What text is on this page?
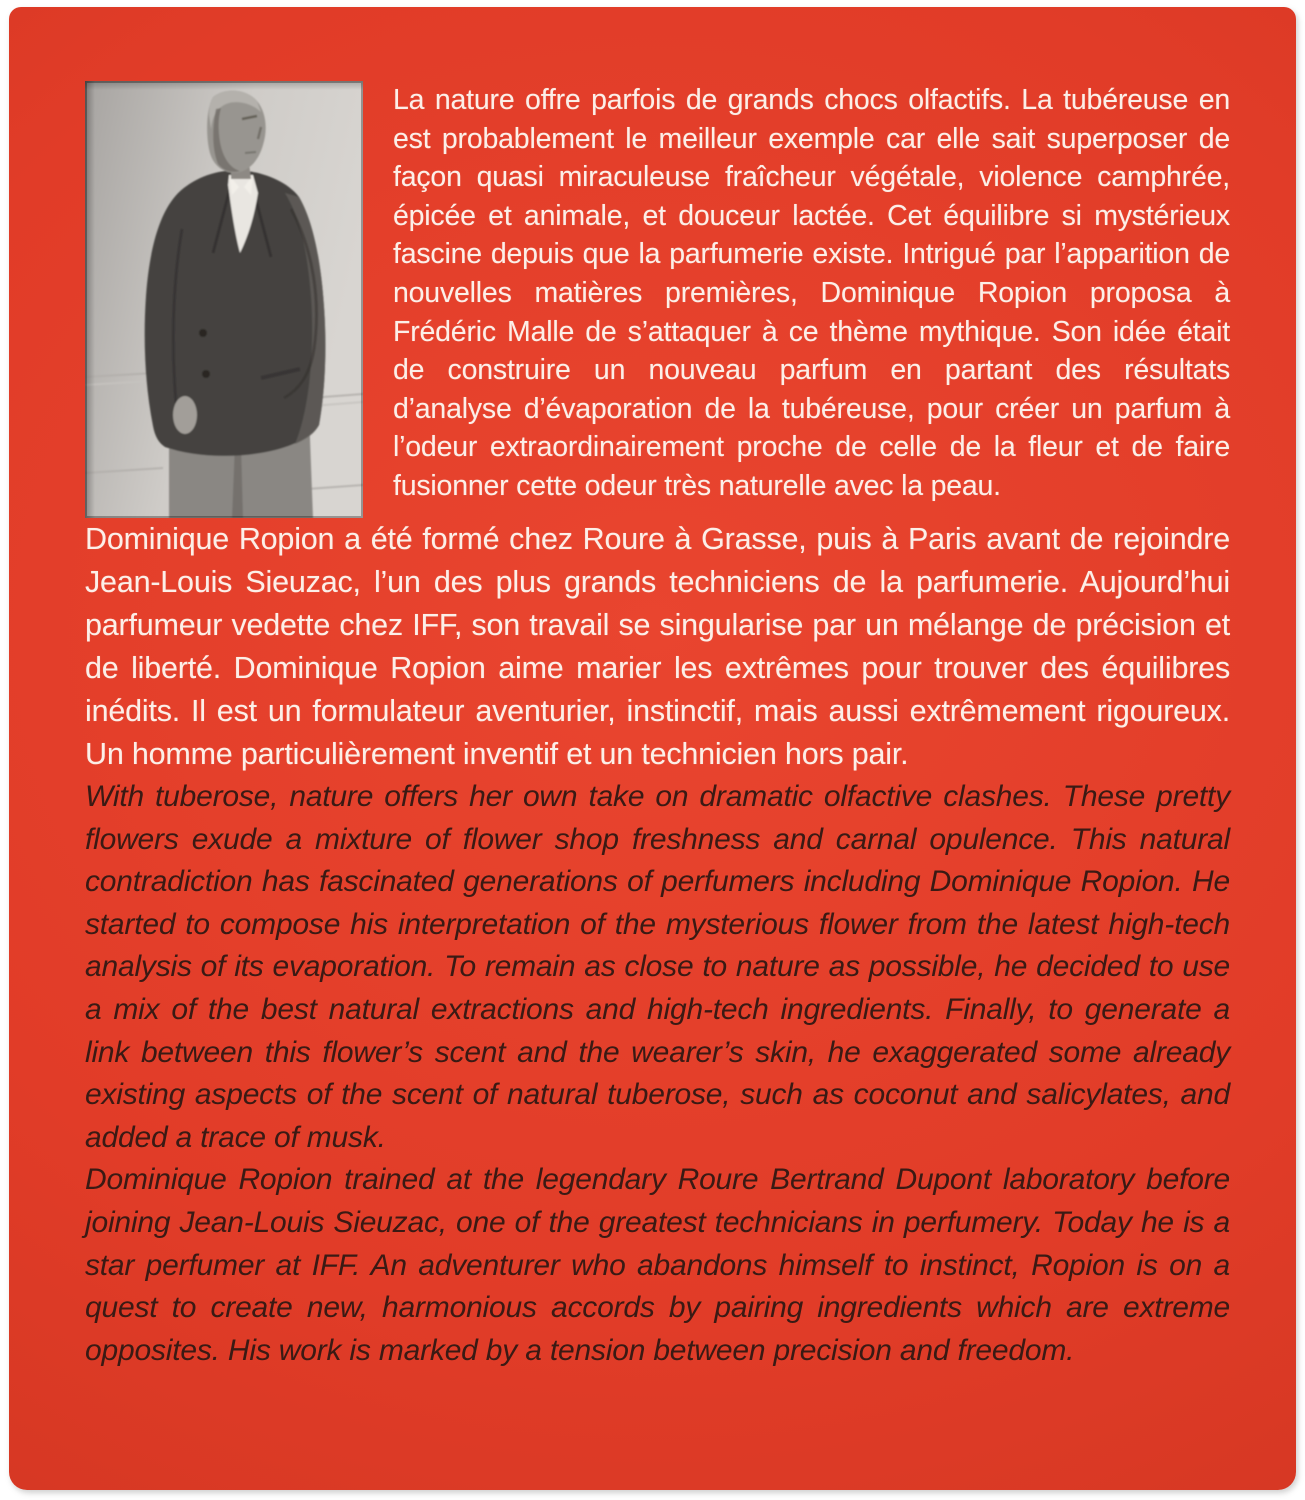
La nature offre parfois de grands chocs olfactifs. La tubéreuse en est probablement le meilleur exemple car elle sait superposer de façon quasi miraculeuse fraîcheur végétale, violence camphrée, épicée et animale, et douceur lactée. Cet équilibre si mystérieux fascine depuis que la parfumerie existe. Intrigué par l’apparition de nouvelles matières premières, Dominique Ropion proposa à Frédéric Malle de s’attaquer à ce thème mythique. Son idée était de construire un nouveau parfum en partant des résultats d’analyse d’évaporation de la tubéreuse, pour créer un parfum à l’odeur extraordinairement proche de celle de la fleur et de faire fusionner cette odeur très naturelle avec la peau.

Dominique Ropion a été formé chez Roure à Grasse, puis à Paris avant de rejoindre Jean-Louis Sieuzac, l’un des plus grands techniciens de la parfumerie. Aujourd’hui parfumeur vedette chez IFF, son travail se singularise par un mélange de précision et de liberté. Dominique Ropion aime marier les extrêmes pour trouver des équilibres inédits. Il est un formulateur aventurier, instinctif, mais aussi extrêmement rigoureux. Un homme particulièrement inventif et un technicien hors pair.

With tuberose, nature offers her own take on dramatic olfactive clashes. These pretty flowers exude a mixture of flower shop freshness and carnal opulence. This natural contradiction has fascinated generations of perfumers including Dominique Ropion. He started to compose his interpretation of the mysterious flower from the latest high-tech analysis of its evaporation. To remain as close to nature as possible, he decided to use a mix of the best natural extractions and high-tech ingredients. Finally, to generate a link between this flower’s scent and the wearer’s skin, he exaggerated some already existing aspects of the scent of natural tuberose, such as coconut and salicylates, and added a trace of musk.

Dominique Ropion trained at the legendary Roure Bertrand Dupont laboratory before joining Jean-Louis Sieuzac, one of the greatest technicians in perfumery. Today he is a star perfumer at IFF. An adventurer who abandons himself to instinct, Ropion is on a quest to create new, harmonious accords by pairing ingredients which are extreme opposites. His work is marked by a tension between precision and freedom.
